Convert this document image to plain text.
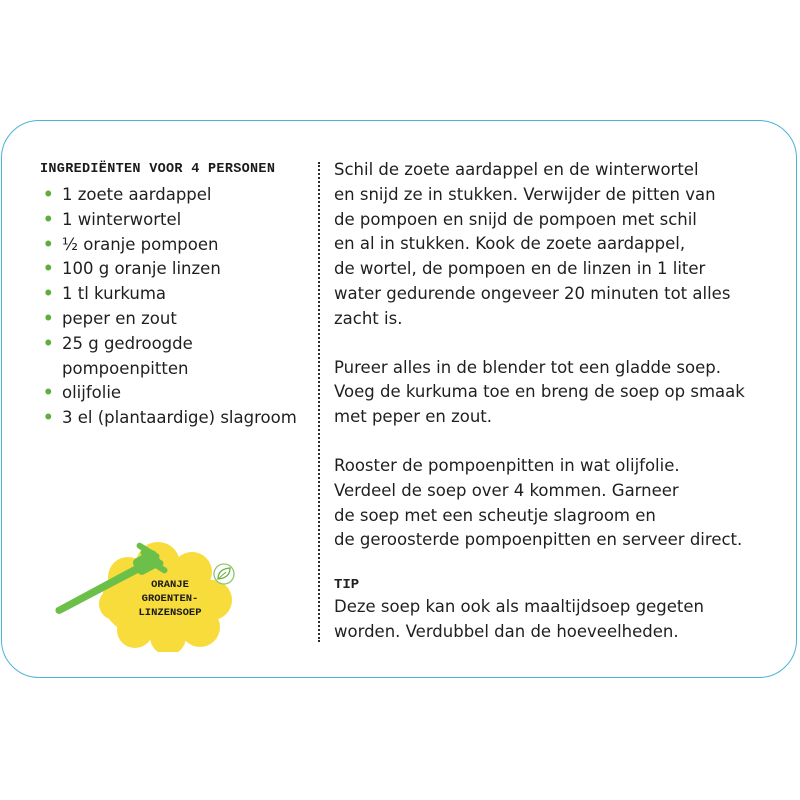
INGREDIËNTEN VOOR 4 PERSONEN
• 1 zoete aardappel
• 1 winterwortel
• ½ oranje pompoen
• 100 g oranje linzen
• 1 tl kurkuma
• peper en zout
• 25 g gedroogde
pompoenpitten
• olijfolie
• 3 el (plantaardige) slagroom

Schil de zoete aardappel en de winterwortel
en snijd ze in stukken. Verwijder de pitten van
de pompoen en snijd de pompoen met schil
en al in stukken. Kook de zoete aardappel,
de wortel, de pompoen en de linzen in 1 liter
water gedurende ongeveer 20 minuten tot alles
zacht is.

Pureer alles in de blender tot een gladde soep.
Voeg de kurkuma toe en breng de soep op smaak
met peper en zout.

Rooster de pompoenpitten in wat olijfolie.
Verdeel de soep over 4 kommen. Garneer
de soep met een scheutje slagroom en
de geroosterde pompoenpitten en serveer direct.

TIP
Deze soep kan ook als maaltijdsoep gegeten
worden. Verdubbel dan de hoeveelheden.
ORANJE
GROENTEN-
LINZENSOEP
